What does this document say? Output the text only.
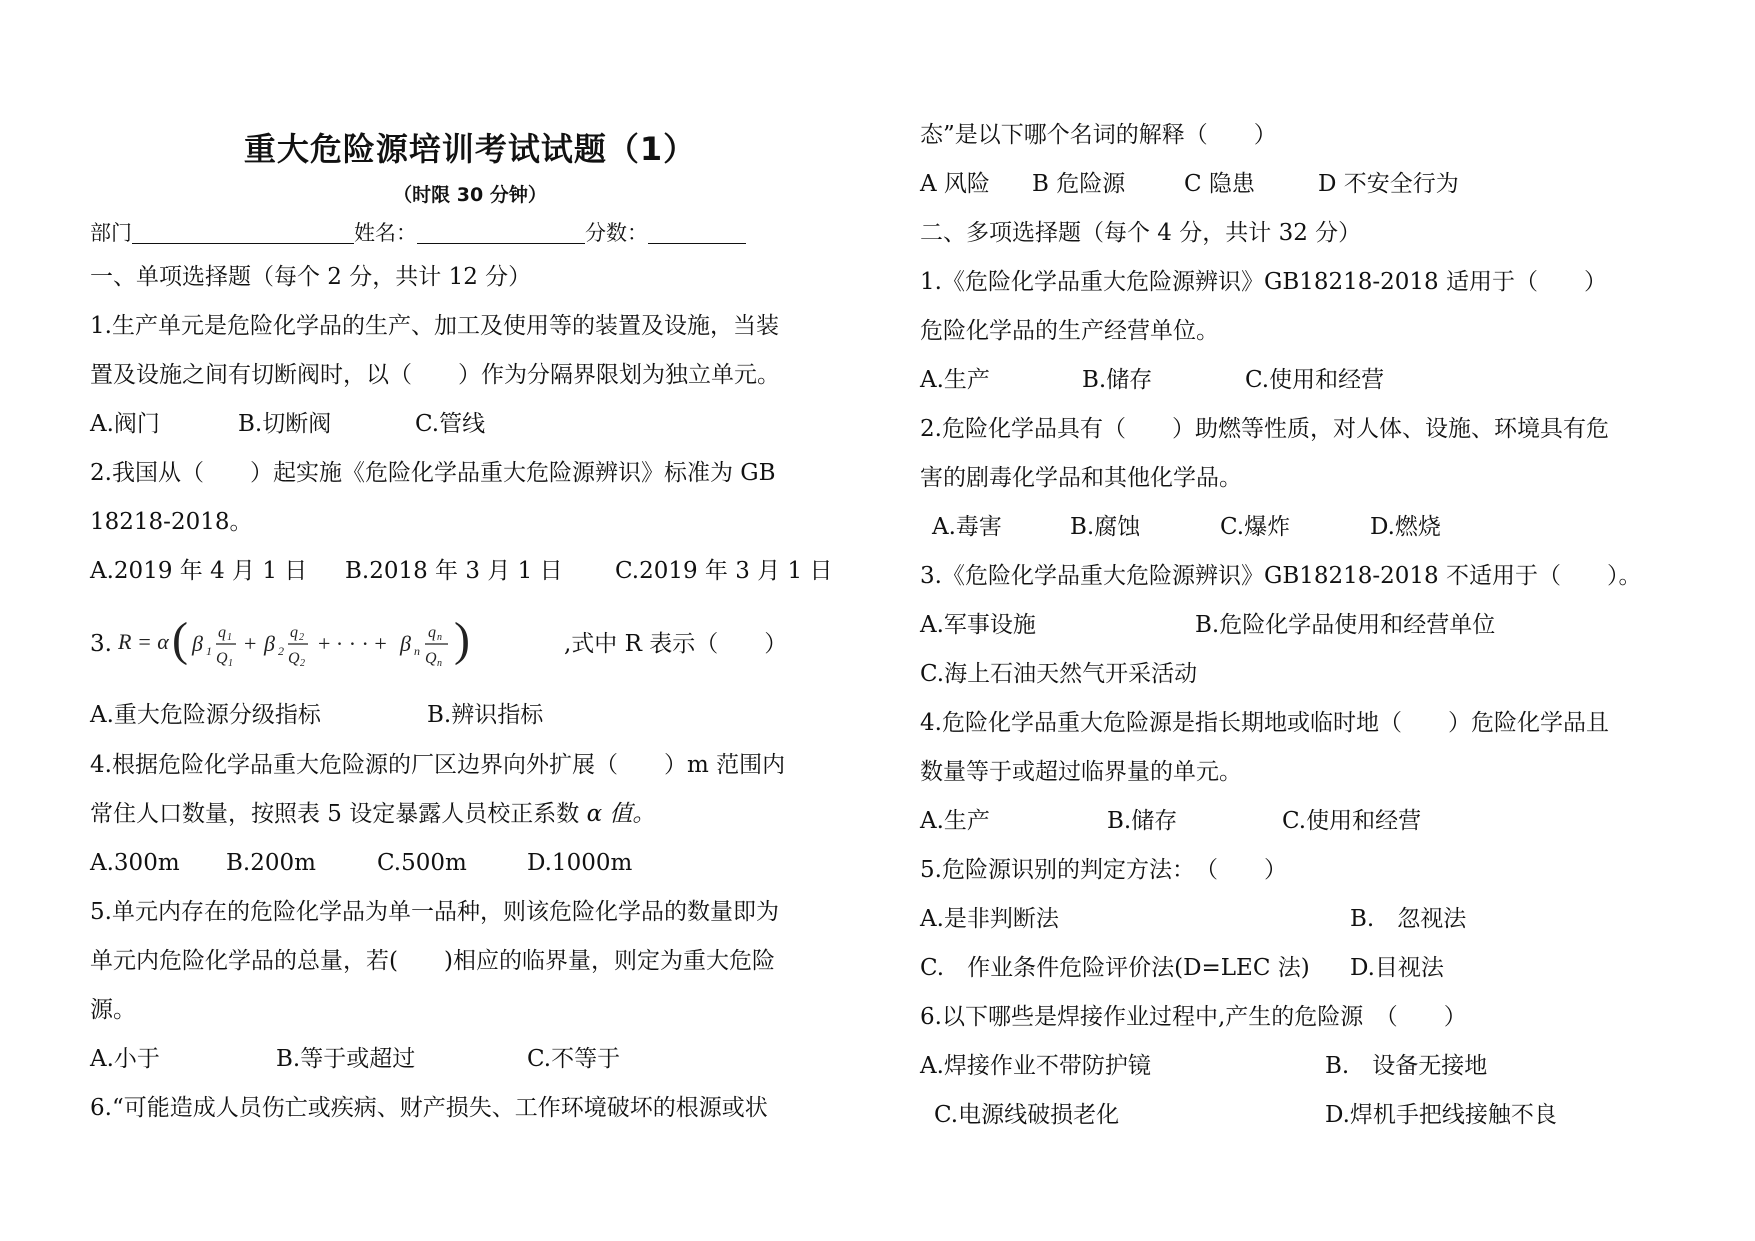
重大危险源培训考试试题（1）
（时限 30 分钟）
部门	姓名：	分数：
一、单项选择题（每个 2 分，共计 12 分）
1.生产单元是危险化学品的生产、加工及使用等的装置及设施，当装
置及设施之间有切断阀时，以（　　）作为分隔界限划为独立单元。
A.阀门	B.切断阀	C.管线
2.我国从（　　）起实施《危险化学品重大危险源辨识》标准为 GB
18218-2018。
A.2019 年 4 月 1 日 B.2018 年 3 月 1 日 C.2019 年 3 月 1 日
3. R = α ( β 1
q 1
Q 1
+ β 2
q 2
Q 2
+ · · · + β n
q n
Q n )	,式中 R 表示（　　）
A.重大危险源分级指标	B.辨识指标
4.根据危险化学品重大危险源的厂区边界向外扩展（　　）m 范围内
常住人口数量，按照表 5 设定暴露人员校正系数 α 值。
A.300m B.200m	C.500m	D.1000m
5.单元内存在的危险化学品为单一品种，则该危险化学品的数量即为
单元内危险化学品的总量，若(　　)相应的临界量，则定为重大危险
源。
A.小于	B.等于或超过	C.不等于
6.“可能造成人员伤亡或疾病、财产损失、工作环境破坏的根源或状
态”是以下哪个名词的解释（　　）
A 风险 B 危险源	C 隐患	D 不安全行为
二、多项选择题（每个 4 分，共计 32 分）
1.《危险化学品重大危险源辨识》GB18218-2018 适用于（　　）
危险化学品的生产经营单位。
A.生产	B.储存	C.使用和经营
2.危险化学品具有（　　）助燃等性质，对人体、设施、环境具有危
害的剧毒化学品和其他化学品。
A.毒害	B.腐蚀	C.爆炸	D.燃烧
3.《危险化学品重大危险源辨识》GB18218-2018 不适用于（　　）。
A.军事设施	B.危险化学品使用和经营单位
C.海上石油天然气开采活动
4.危险化学品重大危险源是指长期地或临时地（　　）危险化学品且
数量等于或超过临界量的单元。
A.生产	B.储存	C.使用和经营
5.危险源识别的判定方法：　（　　）
A.是非判断法	B.　忽视法
C.　作业条件危险评价法(D=LEC 法) D.目视法
6.以下哪些是焊接作业过程中,产生的危险源　（　　）
A.焊接作业不带防护镜	B.　设备无接地
C.电源线破损老化	D.焊机手把线接触不良
